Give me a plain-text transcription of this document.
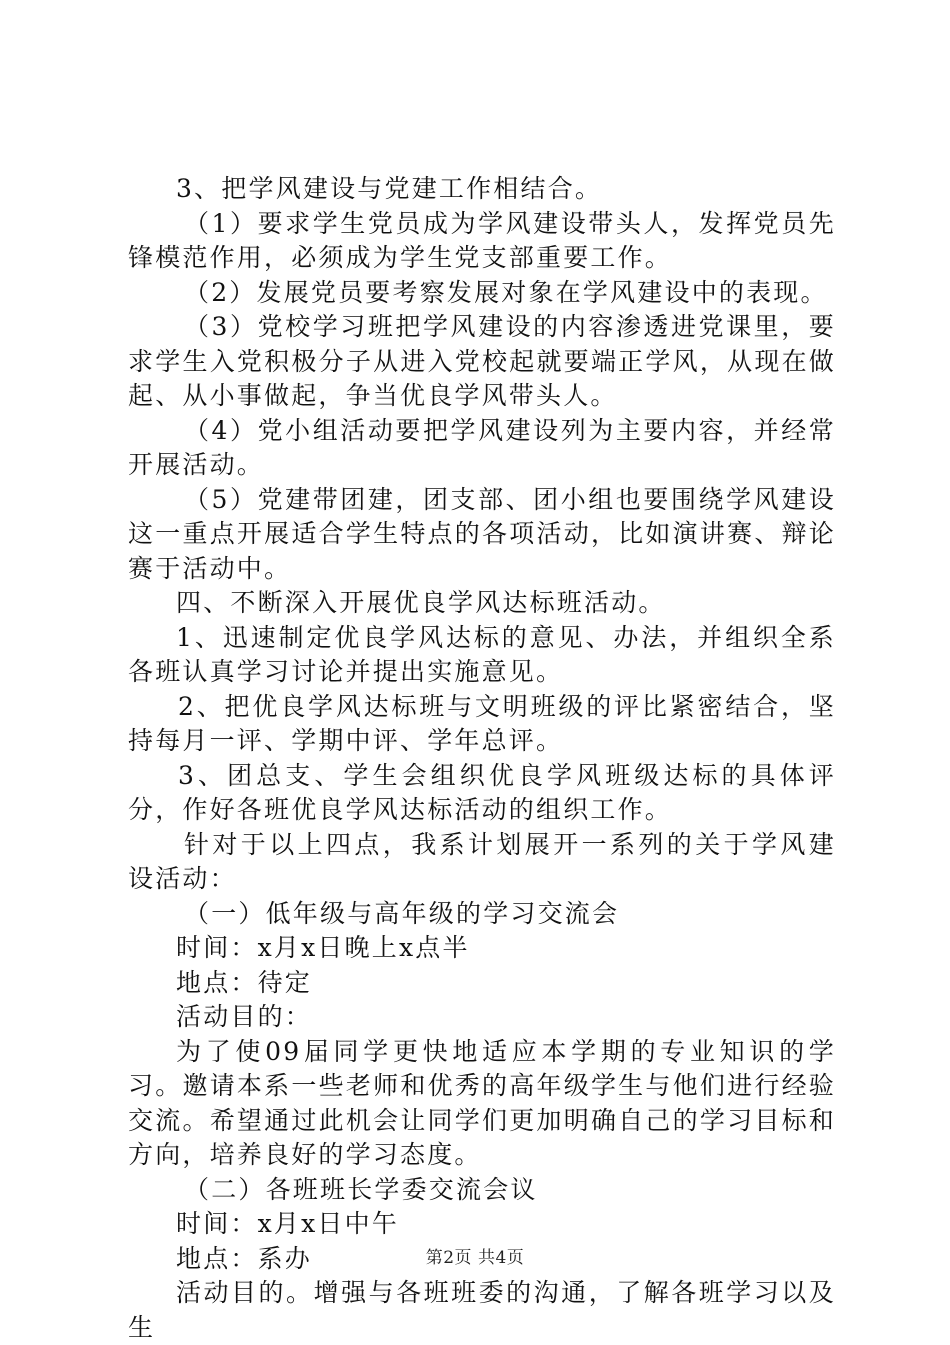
3、把学风建设与党建工作相结合。

（1）要求学生党员成为学风建设带头人，发挥党员先锋模范作用，必须成为学生党支部重要工作。

（2）发展党员要考察发展对象在学风建设中的表现。

（3）党校学习班把学风建设的内容渗透进党课里，要求学生入党积极分子从进入党校起就要端正学风，从现在做起、从小事做起，争当优良学风带头人。

（4）党小组活动要把学风建设列为主要内容，并经常开展活动。

（5）党建带团建，团支部、团小组也要围绕学风建设这一重点开展适合学生特点的各项活动，比如演讲赛、辩论赛于活动中。

四、不断深入开展优良学风达标班活动。

1、迅速制定优良学风达标的意见、办法，并组织全系各班认真学习讨论并提出实施意见。

2、把优良学风达标班与文明班级的评比紧密结合，坚持每月一评、学期中评、学年总评。

3、团总支、学生会组织优良学风班级达标的具体评分，作好各班优良学风达标活动的组织工作。

针对于以上四点，我系计划展开一系列的关于学风建设活动：

（一）低年级与高年级的学习交流会

时间：x月x日晚上x点半

地点：待定

活动目的：

为了使09届同学更快地适应本学期的专业知识的学习。邀请本系一些老师和优秀的高年级学生与他们进行经验交流。希望通过此机会让同学们更加明确自己的学习目标和方向，培养良好的学习态度。

（二）各班班长学委交流会议

时间：x月x日中午

地点：系办

活动目的。增强与各班班委的沟通，了解各班学习以及生

第2页 共4页
